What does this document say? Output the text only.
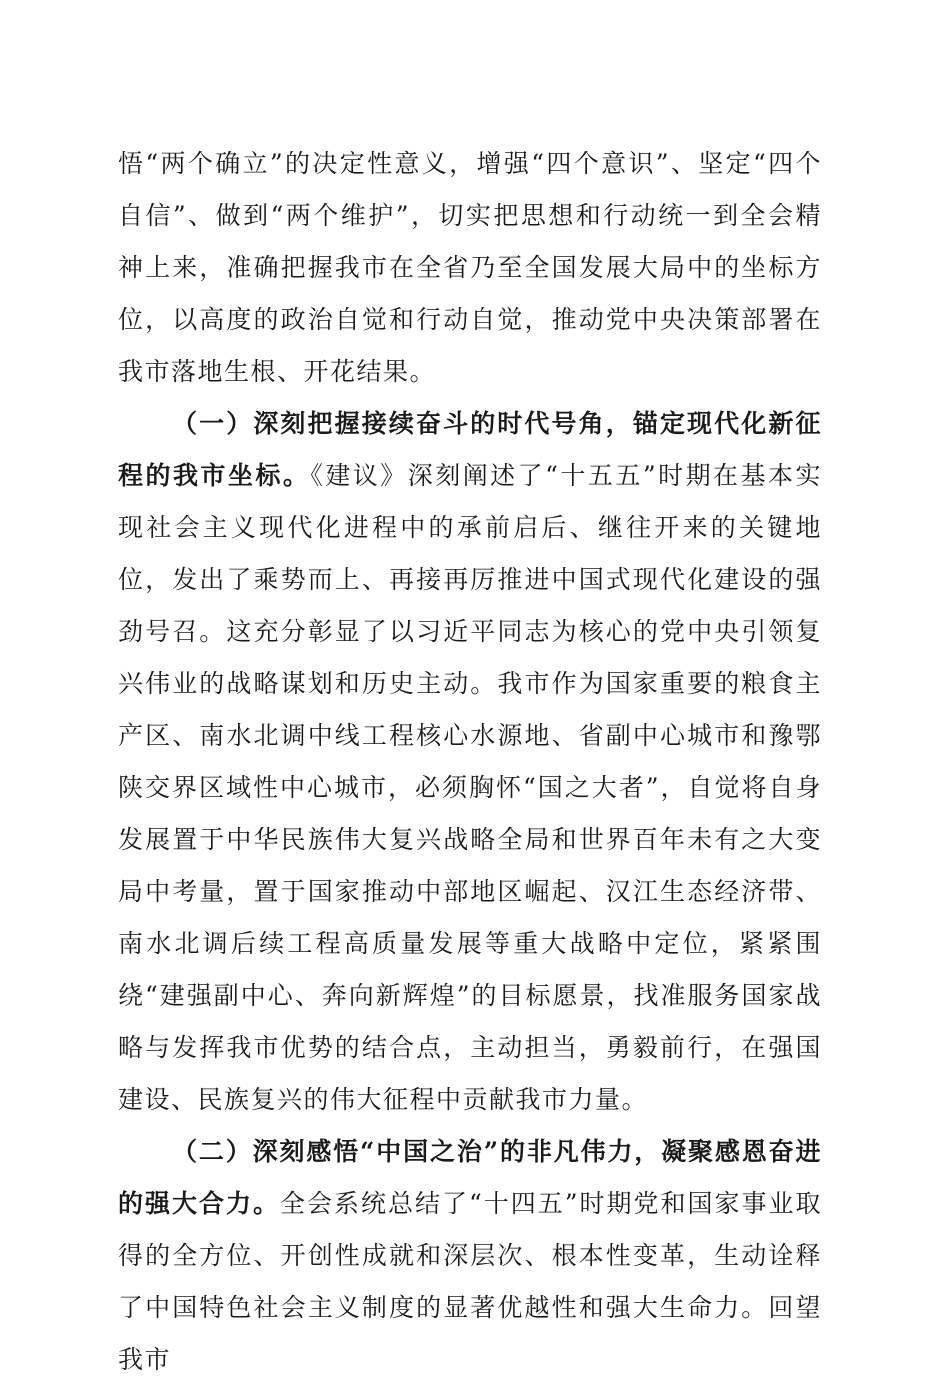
悟“两个确立”的决定性意义，增强“四个意识”、坚定“四个自信”、做到“两个维护”，切实把思想和行动统一到全会精神上来，准确把握我市在全省乃至全国发展大局中的坐标方位，以高度的政治自觉和行动自觉，推动党中央决策部署在我市落地生根、开花结果。

（一）深刻把握接续奋斗的时代号角，锚定现代化新征程的我市坐标。《建议》深刻阐述了“十五五”时期在基本实现社会主义现代化进程中的承前启后、继往开来的关键地位，发出了乘势而上、再接再厉推进中国式现代化建设的强劲号召。这充分彰显了以习近平同志为核心的党中央引领复兴伟业的战略谋划和历史主动。我市作为国家重要的粮食主产区、南水北调中线工程核心水源地、省副中心城市和豫鄂陕交界区域性中心城市，必须胸怀“国之大者”，自觉将自身发展置于中华民族伟大复兴战略全局和世界百年未有之大变局中考量，置于国家推动中部地区崛起、汉江生态经济带、南水北调后续工程高质量发展等重大战略中定位，紧紧围绕“建强副中心、奔向新辉煌”的目标愿景，找准服务国家战略与发挥我市优势的结合点，主动担当，勇毅前行，在强国建设、民族复兴的伟大征程中贡献我市力量。

（二）深刻感悟“中国之治”的非凡伟力，凝聚感恩奋进的强大合力。全会系统总结了“十四五”时期党和国家事业取得的全方位、开创性成就和深层次、根本性变革，生动诠释了中国特色社会主义制度的显著优越性和强大生命力。回望我市
